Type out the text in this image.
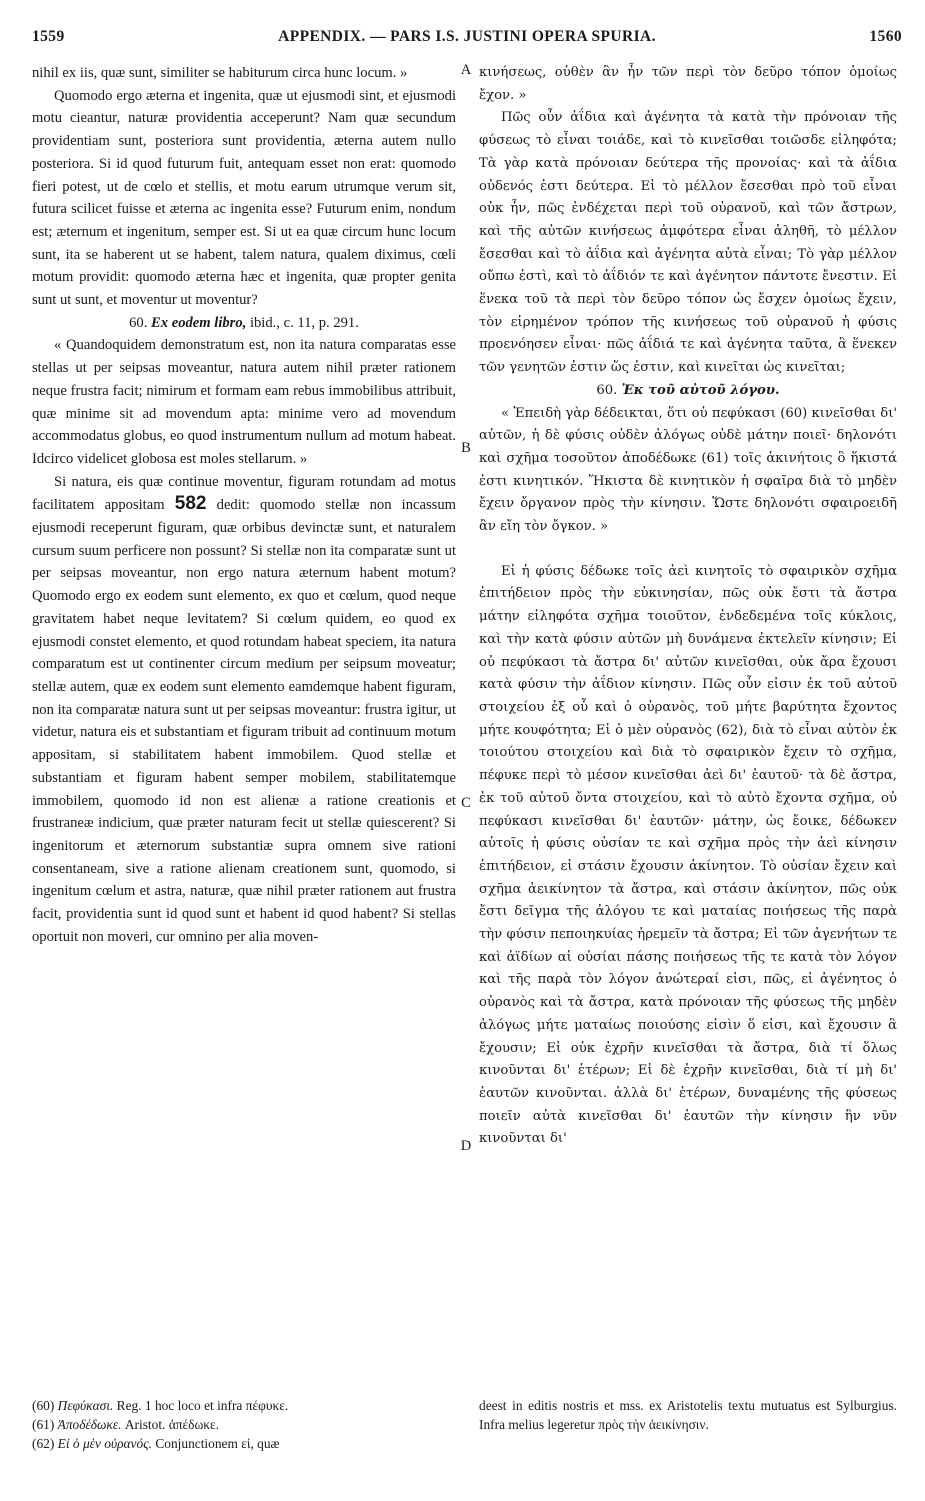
1559	APPENDIX. — PARS I.S. JUSTINI OPERA SPURIA.	1560

nihil ex iis, quæ sunt, similiter se habiturum circa hunc locum. »

Quomodo ergo æterna et ingenita, quæ ut ejusmodi sint, et ejusmodi motu cieantur, naturæ providentia acceperunt? Nam quæ secundum providentiam sunt, posteriora sunt providentia, æterna autem nullo posteriora. Si id quod futurum fuit, antequam esset non erat: quomodo fieri potest, ut de cœlo et stellis, et motu earum utrumque verum sit, futura scilicet fuisse et æterna ac ingenita esse? Futurum enim, nondum est; æternum et ingenitum, semper est. Si ut ea quæ circum hunc locum sunt, ita se haberent ut se habent, talem natura, qualem diximus, cœli motum providit: quomodo æterna hæc et ingenita, quæ propter genita sunt ut sunt, et moventur ut moventur?

60. Ex eodem libro, ibid., c. 11, p. 291.

« Quandoquidem demonstratum est, non ita natura comparatas esse stellas ut per seipsas moveantur, natura autem nihil præter rationem neque frustra facit; nimirum et formam eam rebus immobilibus attribuit, quæ minime sit ad movendum apta: minime vero ad movendum accommodatus globus, eo quod instrumentum nullum ad motum habeat. Idcirco videlicet globosa est moles stellarum. »

Si natura, eis quæ continue moventur, figuram rotundam ad motus facilitatem appositam 582 dedit: quomodo stellæ non incassum ejusmodi receperunt figuram, quæ orbibus devinctæ sunt, et naturalem cursum suum perficere non possunt? Si stellæ non ita comparatæ sunt ut per seipsas moveantur, non ergo natura æternum habent motum? Quomodo ergo ex eodem sunt elemento, ex quo et cœlum, quod neque gravitatem habet neque levitatem? Si cœlum quidem, eo quod ex ejusmodi constet elemento, et quod rotundam habeat speciem, ita natura comparatum est ut continenter circum medium per seipsum moveatur; stellæ autem, quæ ex eodem sunt elemento eamdemque habent figuram, non ita comparatæ natura sunt ut per seipsas moveantur: frustra igitur, ut videtur, natura eis et substantiam et figuram tribuit ad continuum motum appositam, si stabilitatem habent immobilem. Quod stellæ et substantiam et figuram habent semper mobilem, stabilitatemque immobilem, quomodo id non est alienæ a ratione creationis et frustraneæ indicium, quæ præter naturam fecit ut stellæ quiescerent? Si ingenitorum et æternorum substantiæ supra omnem sive rationi consentaneam, sive a ratione alienam creationem sunt, quomodo, si ingenitum cœlum et astra, naturæ, quæ nihil præter rationem aut frustra facit, providentia sunt id quod sunt et habent id quod habent? Si stellas oportuit non moveri, cur omnino per alia moven-

A
B
C
D

κινήσεως, οὐθὲν ἂν ἦν τῶν περὶ τὸν δεῦρο τόπον ὁμοίως ἔχον. »

Πῶς οὖν ἀΐδια καὶ ἀγένητα τὰ κατὰ τὴν πρόνοιαν τῆς φύσεως τὸ εἶναι τοιάδε, καὶ τὸ κινεῖσθαι τοιῶσδε εἰληφότα; Τὰ γὰρ κατὰ πρόνοιαν δεύτερα τῆς προνοίας· καὶ τὰ ἀΐδια οὐδενός ἐστι δεύτερα. Εἰ τὸ μέλλον ἔσεσθαι πρὸ τοῦ εἶναι οὐκ ἦν, πῶς ἐνδέχεται περὶ τοῦ οὐρανοῦ, καὶ τῶν ἄστρων, καὶ τῆς αὐτῶν κινήσεως ἀμφότερα εἶναι ἀληθῆ, τὸ μέλλον ἔσεσθαι καὶ τὸ ἀΐδια καὶ ἀγένητα αὐτὰ εἶναι; Τὸ γὰρ μέλλον οὔπω ἐστὶ, καὶ τὸ ἀΐδιόν τε καὶ ἀγένητον πάντοτε ἔνεστιν. Εἰ ἕνεκα τοῦ τὰ περὶ τὸν δεῦρο τόπον ὡς ἔσχεν ὁμοίως ἔχειν, τὸν εἰρημένον τρόπον τῆς κινήσεως τοῦ οὐρανοῦ ἡ φύσις προενόησεν εἶναι· πῶς ἀΐδιά τε καὶ ἀγένητα ταῦτα, ἃ ἕνεκεν τῶν γενητῶν ἐστιν ὥς ἐστιν, καὶ κινεῖται ὡς κινεῖται;

60. Ἐκ τοῦ αὐτοῦ λόγου.

« Ἐπειδὴ γὰρ δέδεικται, ὅτι οὐ πεφύκασι (60) κινεῖσθαι δι' αὐτῶν, ἡ δὲ φύσις οὐδὲν ἀλόγως οὐδὲ μάτην ποιεῖ· δηλονότι καὶ σχῆμα τοσοῦτον ἀποδέδωκε (61) τοῖς ἀκινήτοις ὃ ἥκιστά ἐστι κινητικόν. Ἥκιστα δὲ κινητικὸν ἡ σφαῖρα διὰ τὸ μηδὲν ἔχειν ὄργανον πρὸς τὴν κίνησιν. Ὥστε δηλονότι σφαιροειδῆ ἂν εἴη τὸν ὄγκον. »

Εἰ ἡ φύσις δέδωκε τοῖς ἀεὶ κινητοῖς τὸ σφαιρικὸν σχῆμα ἐπιτήδειον πρὸς τὴν εὐκινησίαν, πῶς οὐκ ἔστι τὰ ἄστρα μάτην εἰληφότα σχῆμα τοιοῦτον, ἐνδεδεμένα τοῖς κύκλοις, καὶ τὴν κατὰ φύσιν αὐτῶν μὴ δυνάμενα ἐκτελεῖν κίνησιν; Εἰ οὐ πεφύκασι τὰ ἄστρα δι' αὐτῶν κινεῖσθαι, οὐκ ἄρα ἔχουσι κατὰ φύσιν τὴν ἀΐδιον κίνησιν. Πῶς οὖν εἰσιν ἐκ τοῦ αὐτοῦ στοιχείου ἐξ οὗ καὶ ὁ οὐρανὸς, τοῦ μήτε βαρύτητα ἔχοντος μήτε κουφότητα; Εἰ ὁ μὲν οὐρανὸς (62), διὰ τὸ εἶναι αὐτὸν ἐκ τοιούτου στοιχείου καὶ διὰ τὸ σφαιρικὸν ἔχειν τὸ σχῆμα, πέφυκε περὶ τὸ μέσον κινεῖσθαι ἀεὶ δι' ἑαυτοῦ· τὰ δὲ ἄστρα, ἐκ τοῦ αὐτοῦ ὄντα στοιχείου, καὶ τὸ αὐτὸ ἔχοντα σχῆμα, οὐ πεφύκασι κινεῖσθαι δι' ἑαυτῶν· μάτην, ὡς ἔοικε, δέδωκεν αὐτοῖς ἡ φύσις οὐσίαν τε καὶ σχῆμα πρὸς τὴν ἀεὶ κίνησιν ἐπιτήδειον, εἰ στάσιν ἔχουσιν ἀκίνητον. Τὸ οὐσίαν ἔχειν καὶ σχῆμα ἀεικίνητον τὰ ἄστρα, καὶ στάσιν ἀκίνητον, πῶς οὐκ ἔστι δεῖγμα τῆς ἀλόγου τε καὶ ματαίας ποιήσεως τῆς παρὰ τὴν φύσιν πεποιηκυίας ἠρεμεῖν τὰ ἄστρα; Εἰ τῶν ἀγενήτων τε καὶ ἀϊδίων αἱ οὐσίαι πάσης ποιήσεως τῆς τε κατὰ τὸν λόγον καὶ τῆς παρὰ τὸν λόγον ἀνώτεραί εἰσι, πῶς, εἰ ἀγένητος ὁ οὐρανὸς καὶ τὰ ἄστρα, κατὰ πρόνοιαν τῆς φύσεως τῆς μηδὲν ἀλόγως μήτε ματαίως ποιούσης εἰσὶν ὅ εἰσι, καὶ ἔχουσιν ἃ ἔχουσιν; Εἰ οὐκ ἐχρῆν κινεῖσθαι τὰ ἄστρα, διὰ τί ὅλως κινοῦνται δι' ἑτέρων; Εἰ δὲ ἐχρῆν κινεῖσθαι, διὰ τί μὴ δι' ἑαυτῶν κινοῦνται. ἀλλὰ δι' ἑτέρων, δυναμένης τῆς φύσεως ποιεῖν αὐτὰ κινεῖσθαι δι' ἑαυτῶν τὴν κίνησιν ἣν νῦν κινοῦνται δι'

(60) Πεφύκασι. Reg. 1 hoc loco et infra πέφυκε.

(61) Ἀποδέδωκε. Aristot. ἀπέδωκε.

(62) Εἰ ὁ μὲν οὐρανός. Conjunctionem εἰ, quæ

deest in editis nostris et mss. ex Aristotelis textu mutuatus est Sylburgius. Infra melius legeretur πρὸς τὴν ἀεικίνησιν.
